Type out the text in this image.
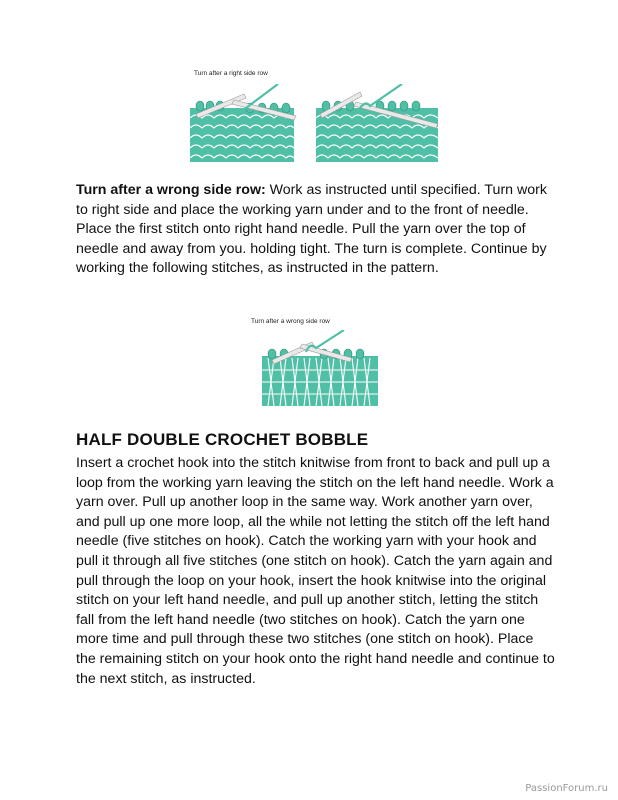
Turn after a right side row

Turn after a wrong side row: Work as instructed until specified. Turn work to right side and place the working yarn under and to the front of needle. Place the first stitch onto right hand needle. Pull the yarn over the top of needle and away from you. holding tight. The turn is complete. Continue by working the following stitches, as instructed in the pattern.

Turn after a wrong side row
HALF DOUBLE CROCHET BOBBLE

Insert a crochet hook into the stitch knitwise from front to back and pull up a loop from the working yarn leaving the stitch on the left hand needle. Work a yarn over. Pull up another loop in the same way. Work another yarn over, and pull up one more loop, all the while not letting the stitch off the left hand needle (five stitches on hook). Catch the working yarn with your hook and pull it through all five stitches (one stitch on hook). Catch the yarn again and pull through the loop on your hook, insert the hook knitwise into the original stitch on your left hand needle, and pull up another stitch, letting the stitch fall from the left hand needle (two stitches on hook). Catch the yarn one more time and pull through these two stitches (one stitch on hook). Place the remaining stitch on your hook onto the right hand needle and continue to the next stitch, as instructed.

PassionForum.ru
